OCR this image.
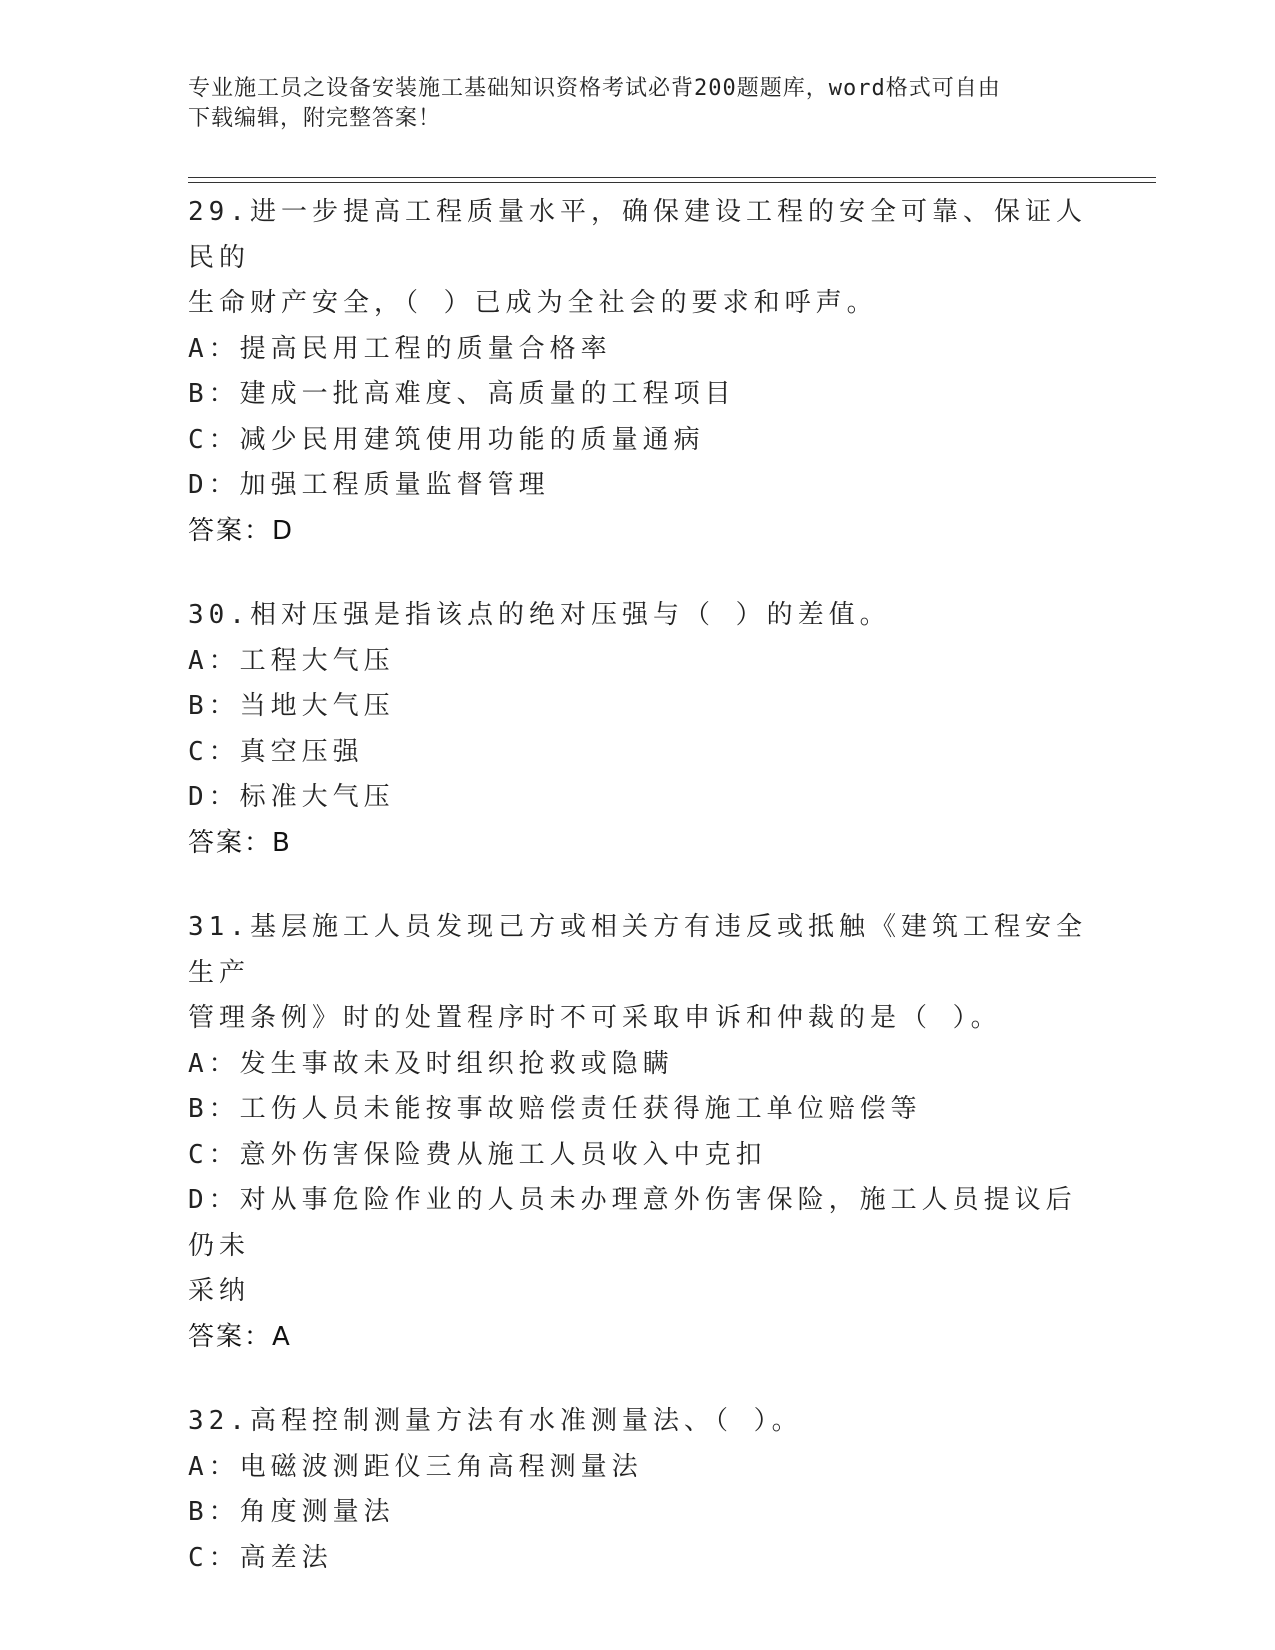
专业施工员之设备安装施工基础知识资格考试必背200题题库，word格式可自由
下载编辑，附完整答案！
29.进一步提高工程质量水平，确保建设工程的安全可靠、保证人民的
生命财产安全，（ ）已成为全社会的要求和呼声。
A：提高民用工程的质量合格率
B：建成一批高难度、高质量的工程项目
C：减少民用建筑使用功能的质量通病
D：加强工程质量监督管理
答案：D
30.相对压强是指该点的绝对压强与（ ）的差值。
A：工程大气压
B：当地大气压
C：真空压强
D：标准大气压
答案：B
31.基层施工人员发现己方或相关方有违反或抵触《建筑工程安全生产
管理条例》时的处置程序时不可采取申诉和仲裁的是（ ）。
A：发生事故未及时组织抢救或隐瞒
B：工伤人员未能按事故赔偿责任获得施工单位赔偿等
C：意外伤害保险费从施工人员收入中克扣
D：对从事危险作业的人员未办理意外伤害保险，施工人员提议后仍未
采纳
答案：A
32.高程控制测量方法有水准测量法、（ ）。
A：电磁波测距仪三角高程测量法
B：角度测量法
C：高差法
